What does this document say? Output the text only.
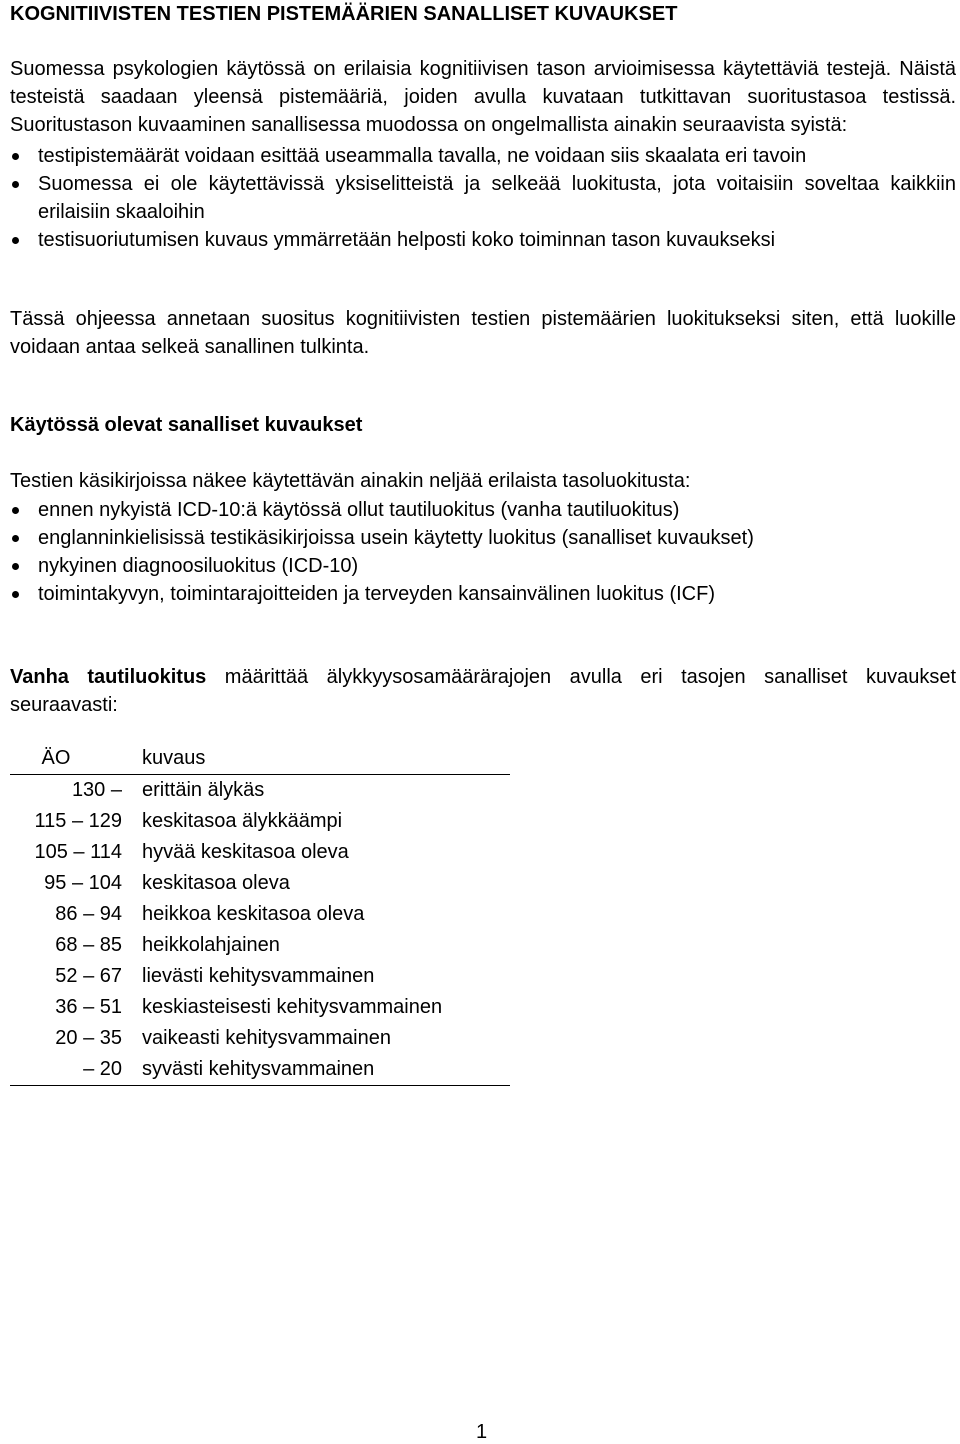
KOGNITIIVISTEN TESTIEN PISTEMÄÄRIEN SANALLISET KUVAUKSET

Suomessa psykologien käytössä on erilaisia kognitiivisen tason arvioimisessa käytettäviä testejä. Näistä testeistä saadaan yleensä pistemääriä, joiden avulla kuvataan tutkittavan suoritustasoa testissä. Suoritustason kuvaaminen sanallisessa muodossa on ongelmallista ainakin seuraavista syistä:

testipistemäärät voidaan esittää useammalla tavalla, ne voidaan siis skaalata eri tavoin
Suomessa ei ole käytettävissä yksiselitteistä ja selkeää luokitusta, jota voitaisiin soveltaa kaikkiin erilaisiin skaaloihin
testisuoriutumisen kuvaus ymmärretään helposti koko toiminnan tason kuvaukseksi

Tässä ohjeessa annetaan suositus kognitiivisten testien pistemäärien luokitukseksi siten, että luokille voidaan antaa selkeä sanallinen tulkinta.

Käytössä olevat sanalliset kuvaukset

Testien käsikirjoissa näkee käytettävän ainakin neljää erilaista tasoluokitusta:

ennen nykyistä ICD-10:ä käytössä ollut tautiluokitus (vanha tautiluokitus)
englanninkielisissä testikäsikirjoissa usein käytetty luokitus (sanalliset kuvaukset)
nykyinen diagnoosiluokitus (ICD-10)
toimintakyvyn, toimintarajoitteiden ja terveyden kansainvälinen luokitus (ICF)

Vanha tautiluokitus määrittää älykkyysosamäärärajojen avulla eri tasojen sanalliset kuvaukset seuraavasti:

ÄO	kuvaus
130 –	erittäin älykäs
115 – 129	keskitasoa älykkäämpi
105 – 114	hyvää keskitasoa oleva
95 – 104	keskitasoa oleva
86 – 94	heikkoa keskitasoa oleva
68 – 85	heikkolahjainen
52 – 67	lievästi kehitysvammainen
36 – 51	keskiasteisesti kehitysvammainen
20 – 35	vaikeasti kehitysvammainen
– 20	syvästi kehitysvammainen
1
